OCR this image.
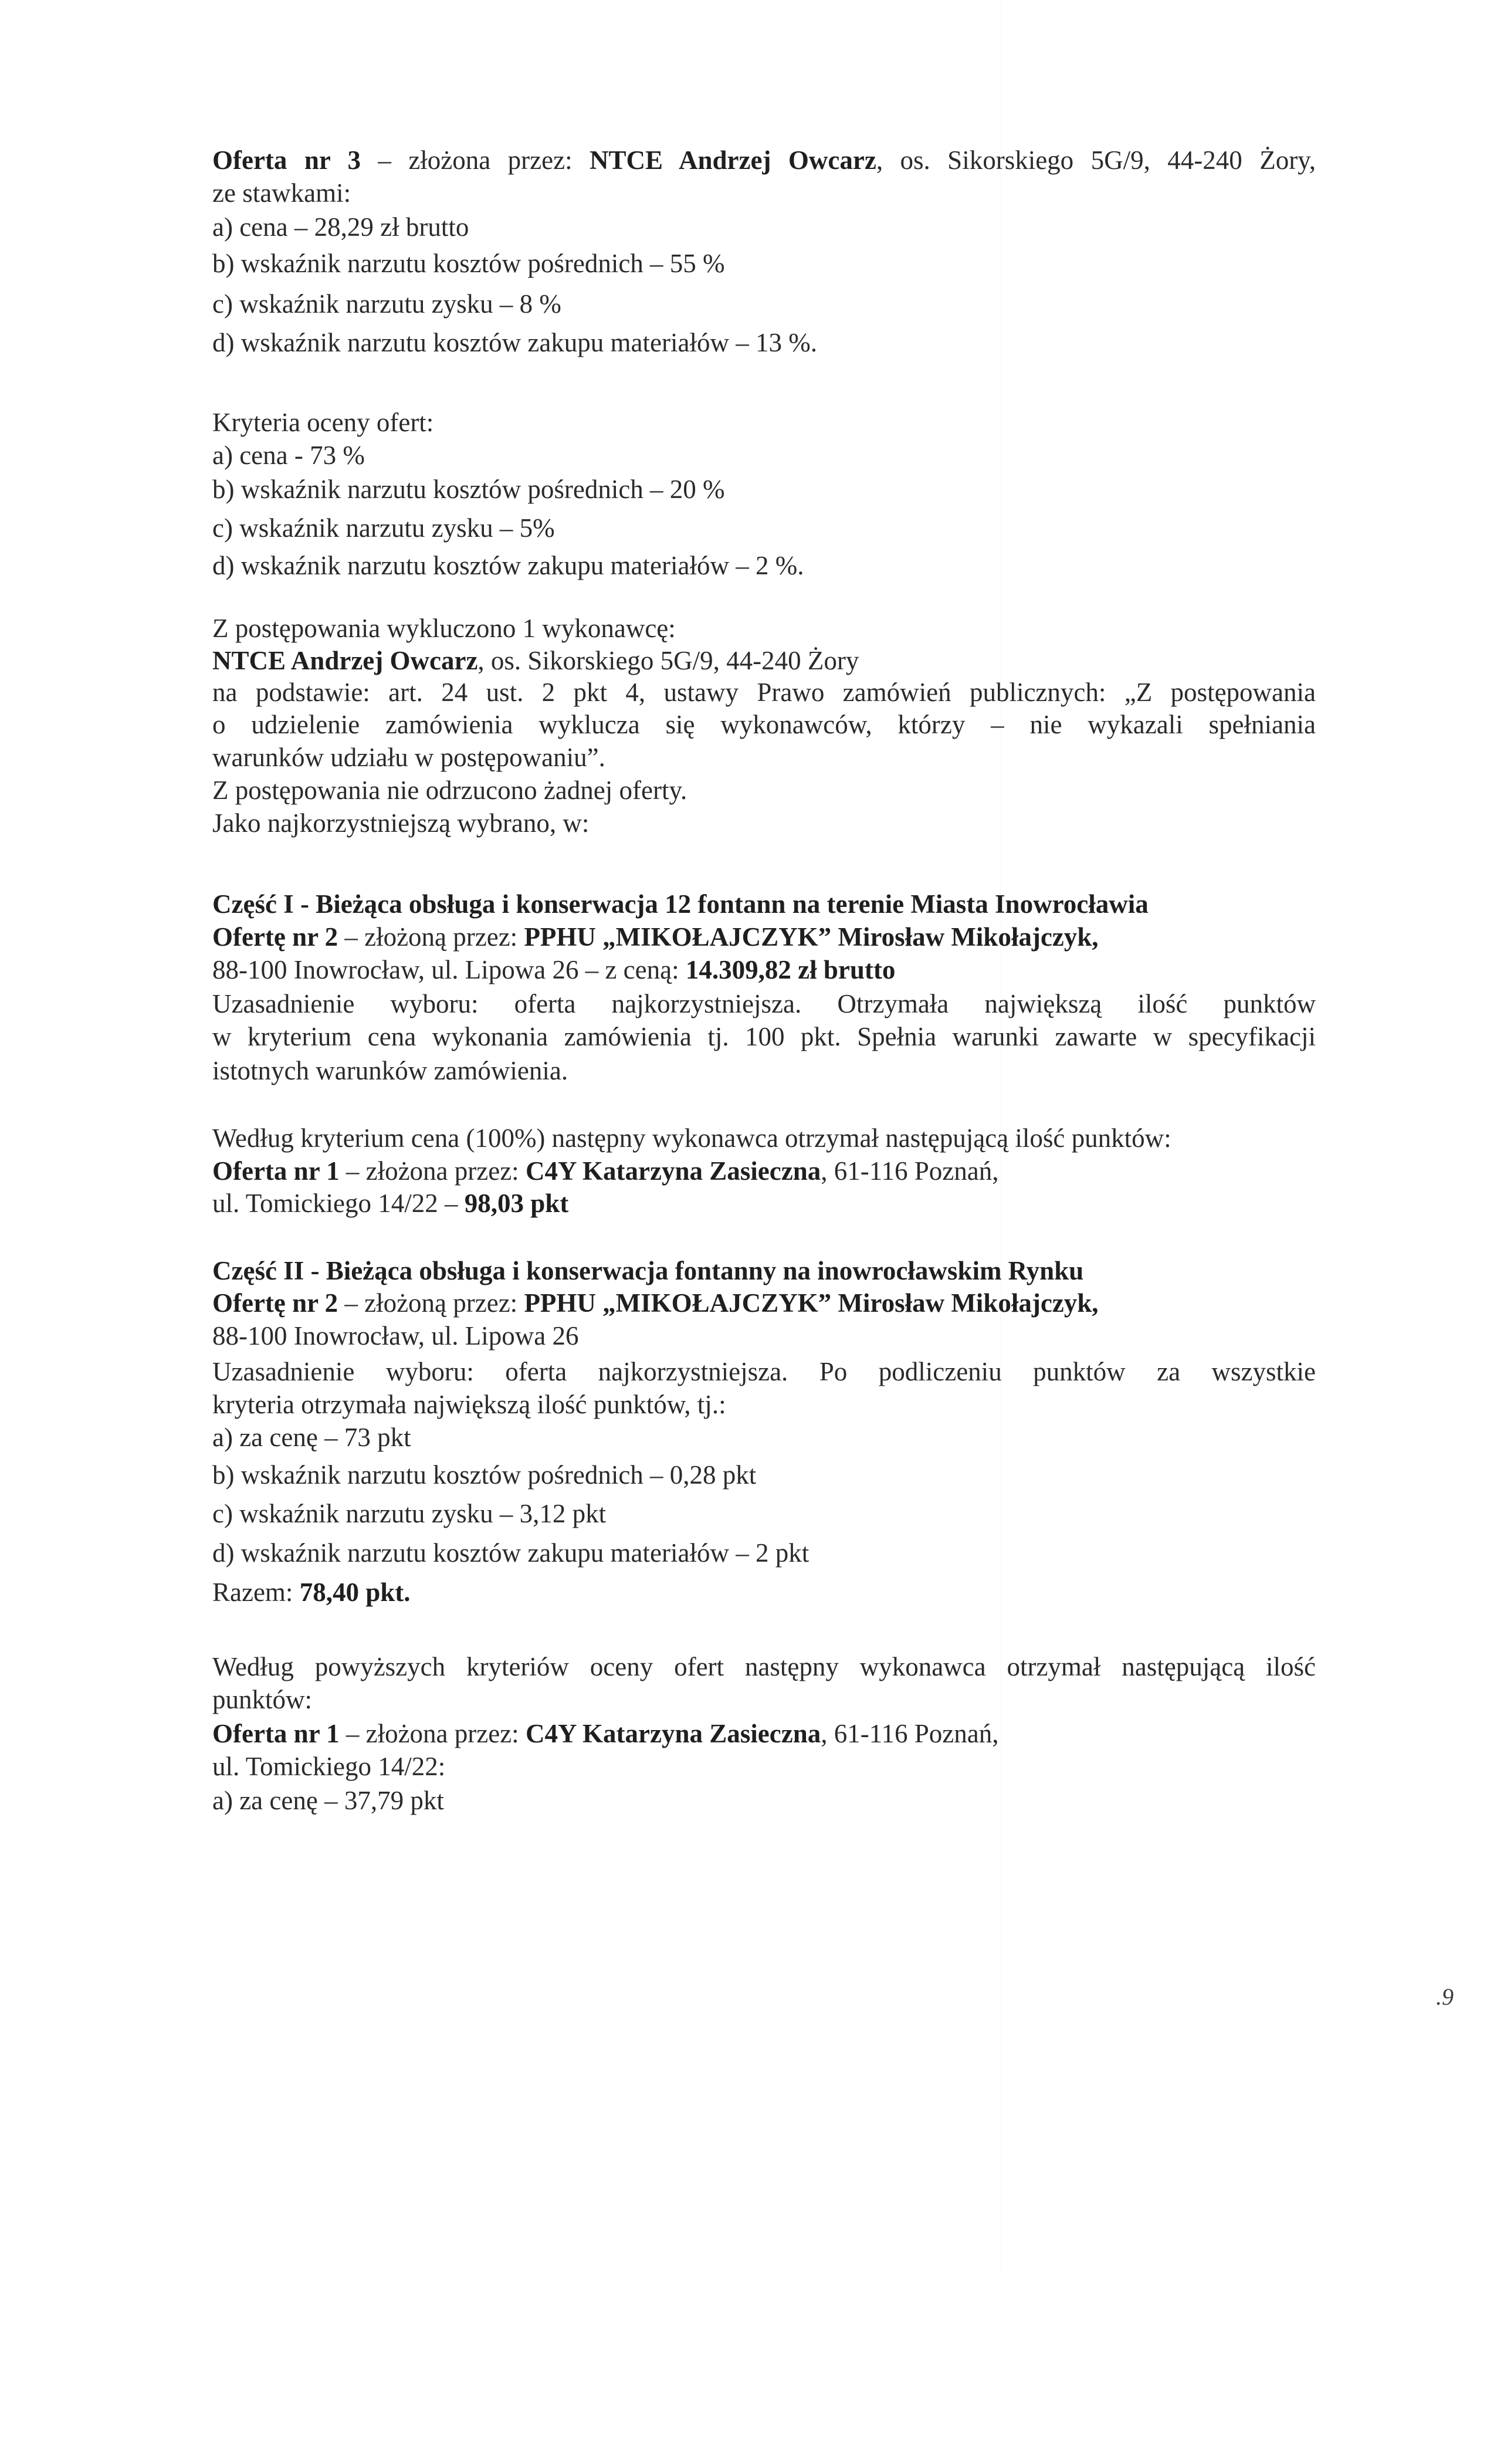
Oferta nr 3 – złożona przez: NTCE Andrzej Owcarz, os. Sikorskiego 5G/9, 44-240 Żory,
ze stawkami:
a) cena – 28,29 zł brutto
b) wskaźnik narzutu kosztów pośrednich – 55 %
c) wskaźnik narzutu zysku – 8 %
d) wskaźnik narzutu kosztów zakupu materiałów – 13 %.
Kryteria oceny ofert:
a) cena - 73 %
b) wskaźnik narzutu kosztów pośrednich – 20 %
c) wskaźnik narzutu zysku – 5%
d) wskaźnik narzutu kosztów zakupu materiałów – 2 %.
Z postępowania wykluczono 1 wykonawcę:
NTCE Andrzej Owcarz, os. Sikorskiego 5G/9, 44-240 Żory
na podstawie: art. 24 ust. 2 pkt 4, ustawy Prawo zamówień publicznych: „Z postępowania
o udzielenie zamówienia wyklucza się wykonawców, którzy – nie wykazali spełniania
warunków udziału w postępowaniu”.
Z postępowania nie odrzucono żadnej oferty.
Jako najkorzystniejszą wybrano, w:
Część I - Bieżąca obsługa i konserwacja 12 fontann na terenie Miasta Inowrocławia
Ofertę nr 2 – złożoną przez: PPHU „MIKOŁAJCZYK” Mirosław Mikołajczyk,
88-100 Inowrocław, ul. Lipowa 26 – z ceną: 14.309,82 zł brutto
Uzasadnienie wyboru: oferta najkorzystniejsza. Otrzymała największą ilość punktów
w kryterium cena wykonania zamówienia tj. 100 pkt. Spełnia warunki zawarte w specyfikacji
istotnych warunków zamówienia.
Według kryterium cena (100%) następny wykonawca otrzymał następującą ilość punktów:
Oferta nr 1 – złożona przez: C4Y Katarzyna Zasieczna, 61-116 Poznań,
ul. Tomickiego 14/22 – 98,03 pkt
Część II - Bieżąca obsługa i konserwacja fontanny na inowrocławskim Rynku
Ofertę nr 2 – złożoną przez: PPHU „MIKOŁAJCZYK” Mirosław Mikołajczyk,
88-100 Inowrocław, ul. Lipowa 26
Uzasadnienie wyboru: oferta najkorzystniejsza. Po podliczeniu punktów za wszystkie
kryteria otrzymała największą ilość punktów, tj.:
a) za cenę – 73 pkt
b) wskaźnik narzutu kosztów pośrednich – 0,28 pkt
c) wskaźnik narzutu zysku – 3,12 pkt
d) wskaźnik narzutu kosztów zakupu materiałów – 2 pkt
Razem: 78,40 pkt.
Według powyższych kryteriów oceny ofert następny wykonawca otrzymał następującą ilość
punktów:
Oferta nr 1 – złożona przez: C4Y Katarzyna Zasieczna, 61-116 Poznań,
ul. Tomickiego 14/22:
a) za cenę – 37,79 pkt
.9
